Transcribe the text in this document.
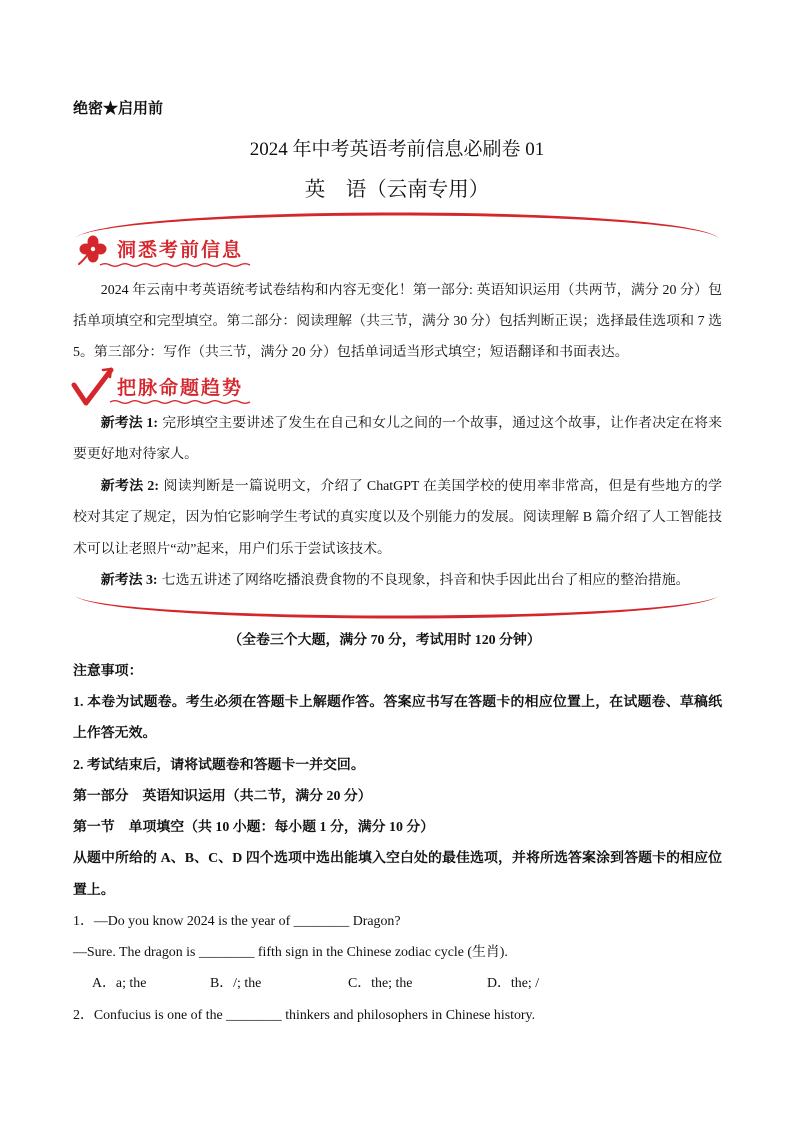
绝密★启用前
2024 年中考英语考前信息必刷卷 01
英　语（云南专用）
洞悉考前信息
2024 年云南中考英语统考试卷结构和内容无变化！第一部分: 英语知识运用（共两节，满分 20 分）包
括单项填空和完型填空。第二部分：阅读理解（共三节，满分 30 分）包括判断正误；选择最佳选项和 7 选
5。第三部分：写作（共三节，满分 20 分）包括单词适当形式填空；短语翻译和书面表达。
把脉命题趋势
新考法 1: 完形填空主要讲述了发生在自己和女儿之间的一个故事，通过这个故事，让作者决定在将来
要更好地对待家人。
新考法 2: 阅读判断是一篇说明文，介绍了 ChatGPT 在美国学校的使用率非常高，但是有些地方的学
校对其定了规定，因为怕它影响学生考试的真实度以及个别能力的发展。阅读理解 B 篇介绍了人工智能技
术可以让老照片“动”起来，用户们乐于尝试该技术。
新考法 3: 七选五讲述了网络吃播浪费食物的不良现象，抖音和快手因此出台了相应的整治措施。
（全卷三个大题，满分 70 分，考试用时 120 分钟）
注意事项：
1. 本卷为试题卷。考生必须在答题卡上解题作答。答案应书写在答题卡的相应位置上，在试题卷、草稿纸
上作答无效。
2. 考试结束后，请将试题卷和答题卡一并交回。
第一部分　英语知识运用（共二节，满分 20 分）
第一节　单项填空（共 10 小题：每小题 1 分，满分 10 分）
从题中所给的 A、B、C、D 四个选项中选出能填入空白处的最佳选项，并将所选答案涂到答题卡的相应位
置上。
1．—Do you know 2024 is the year of ________ Dragon?
—Sure. The dragon is ________ fifth sign in the Chinese zodiac cycle (生肖).
A．a; the	B．/; the	C．the; the	D．the; /
2．Confucius is one of the ________ thinkers and philosophers in Chinese history.
